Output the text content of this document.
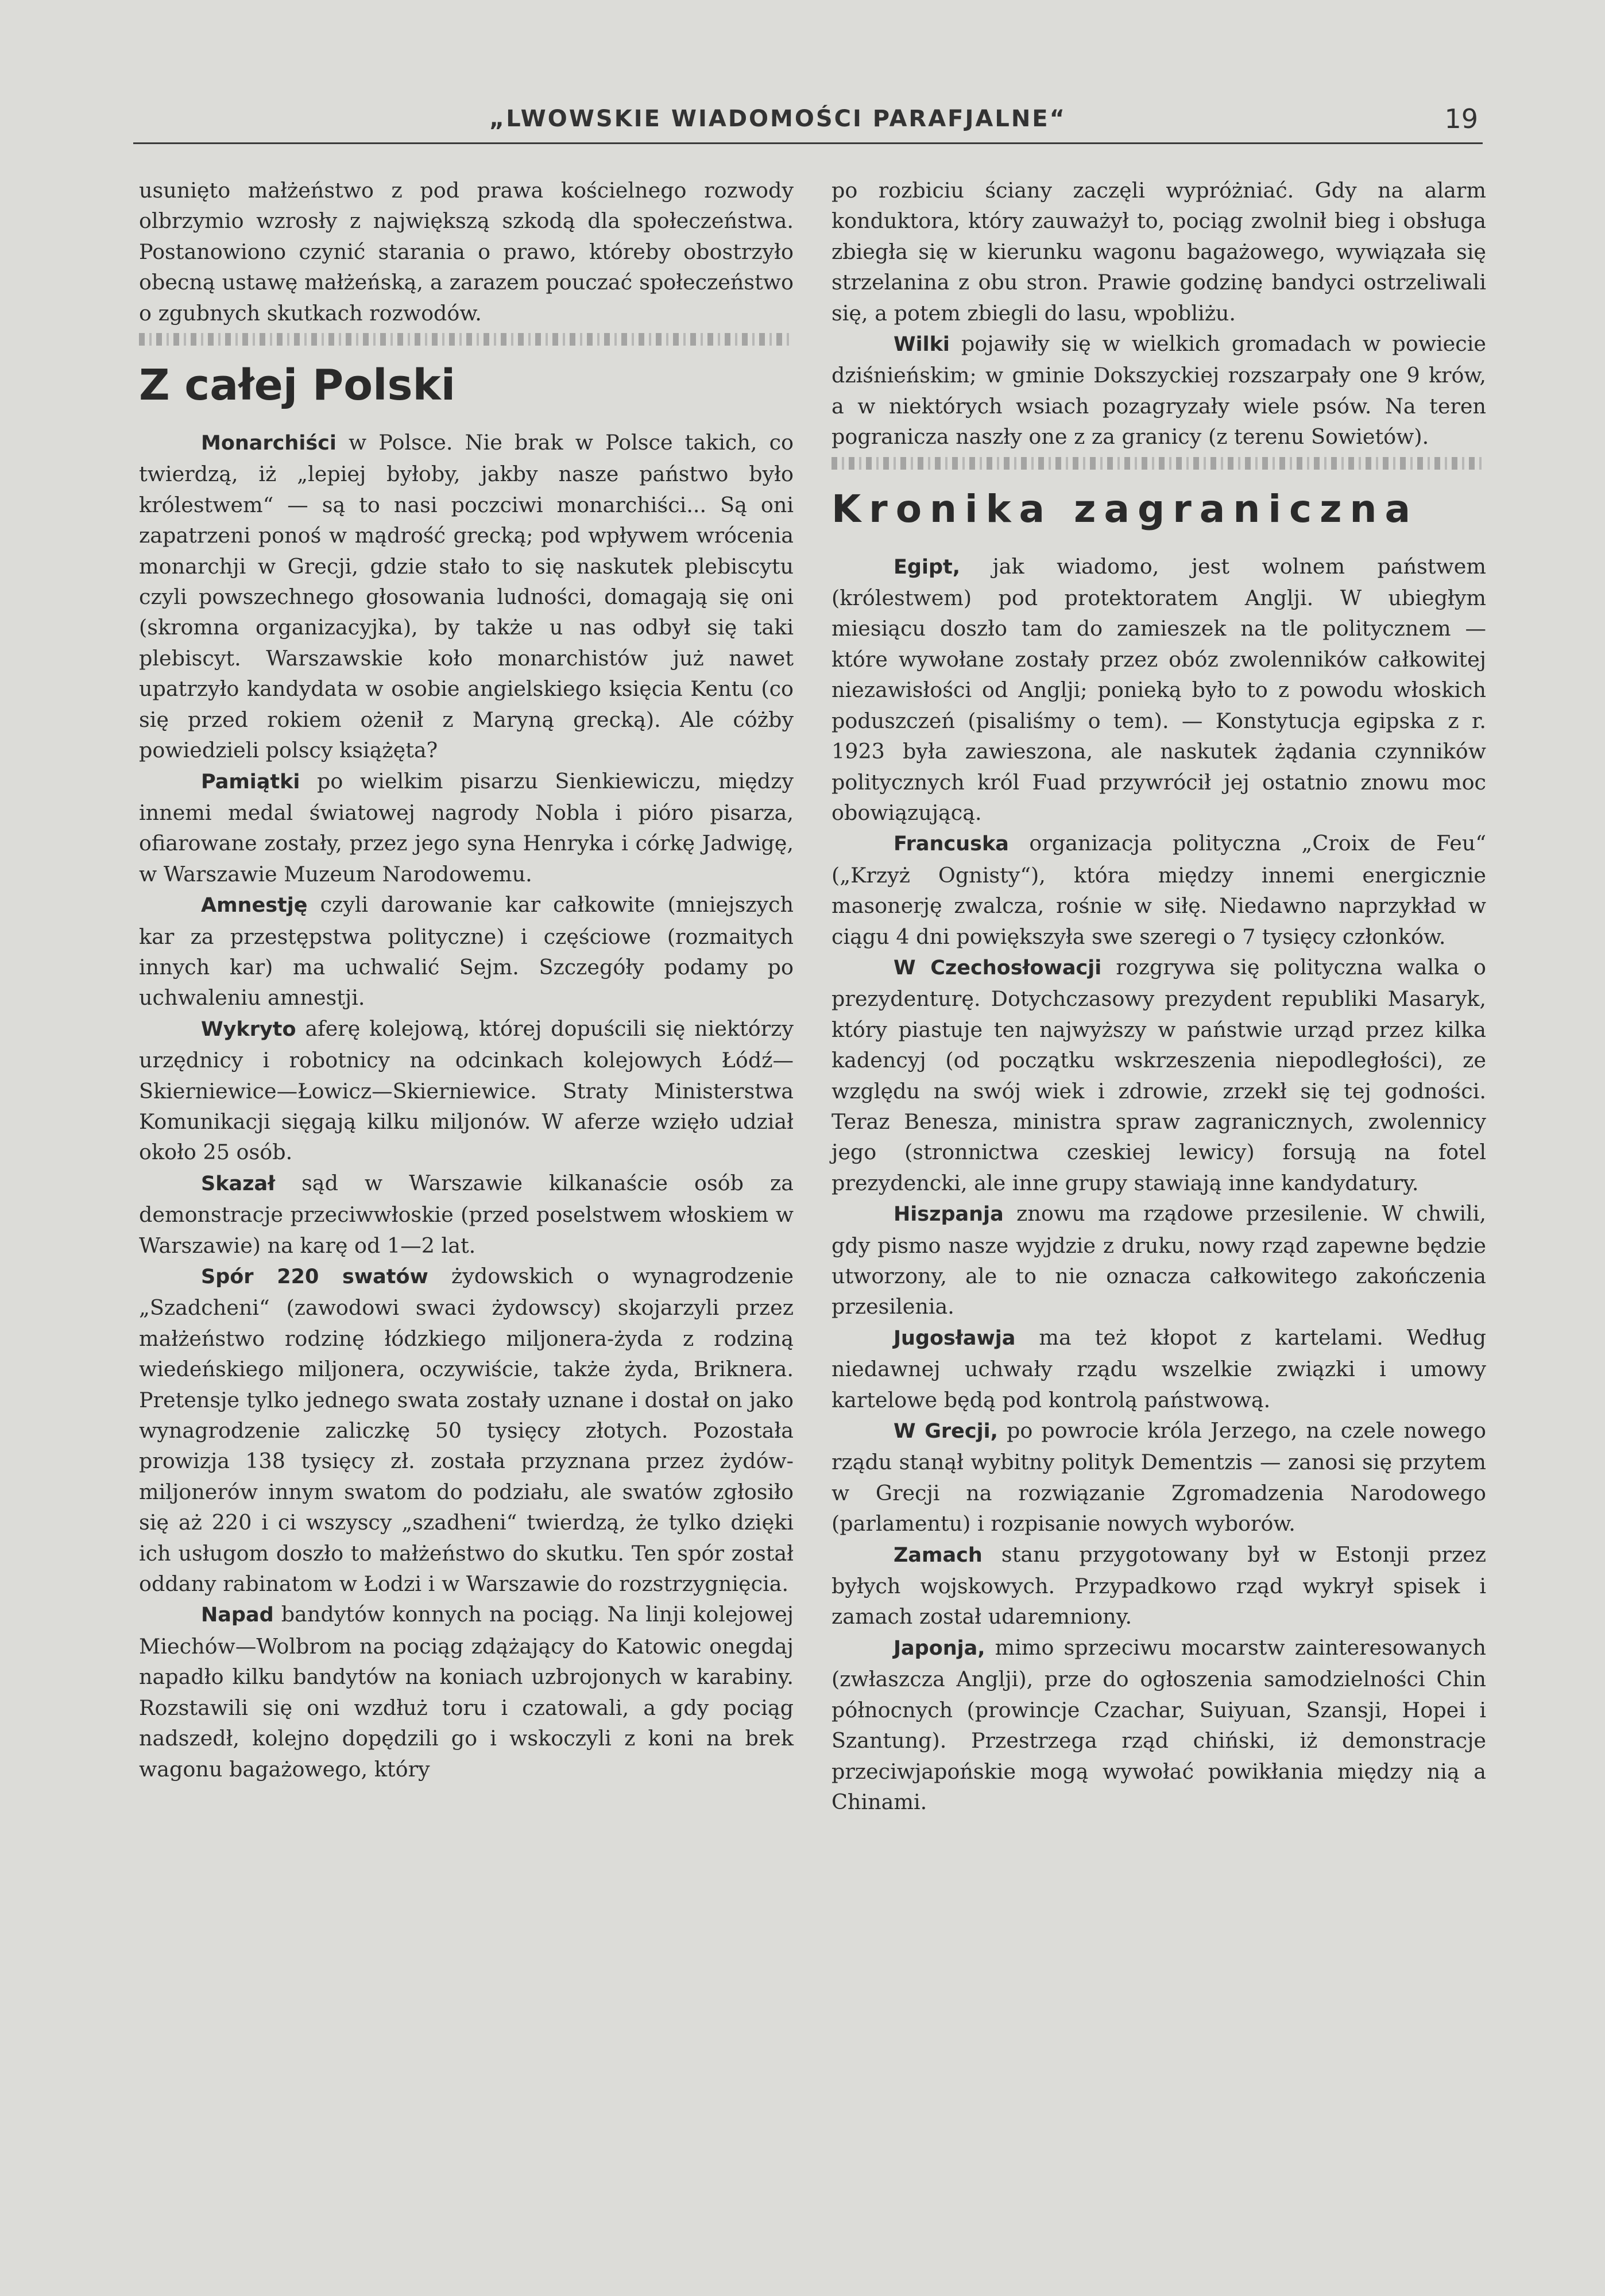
„LWOWSKIE WIADOMOŚCI PARAFJALNE“	19

usunięto małżeństwo z pod prawa kościelnego rozwody olbrzymio wzrosły z największą szkodą dla społeczeństwa. Postanowiono czynić starania o prawo, któreby obostrzyło obecną ustawę małżeńską, a zarazem pouczać społeczeństwo o zgubnych skutkach rozwodów.

Z całej Polski

Monarchiści w Polsce. Nie brak w Polsce takich, co twierdzą, iż „lepiej byłoby, jakby nasze państwo było królestwem“ — są to nasi poczciwi monarchiści... Są oni zapatrzeni ponoś w mądrość grecką; pod wpływem wrócenia monarchji w Grecji, gdzie stało to się naskutek plebiscytu czyli powszechnego głosowania ludności, domagają się oni (skromna organizacyjka), by także u nas odbył się taki plebiscyt. Warszawskie koło monarchistów już nawet upatrzyło kandydata w osobie angielskiego księcia Kentu (co się przed rokiem ożenił z Maryną grecką). Ale cóżby powiedzieli polscy książęta?

Pamiątki po wielkim pisarzu Sienkiewiczu, między innemi medal światowej nagrody Nobla i pióro pisarza, ofiarowane zostały, przez jego syna Henryka i córkę Jadwigę, w Warszawie Muzeum Narodowemu.

Amnestję czyli darowanie kar całkowite (mniejszych kar za przestępstwa polityczne) i częściowe (rozmaitych innych kar) ma uchwalić Sejm. Szczegóły podamy po uchwaleniu amnestji.

Wykryto aferę kolejową, której dopuścili się niektórzy urzędnicy i robotnicy na odcinkach kolejowych Łódź—Skierniewice—Łowicz—Skierniewice. Straty Ministerstwa Komunikacji sięgają kilku miljonów. W aferze wzięło udział około 25 osób.

Skazał sąd w Warszawie kilkanaście osób za demonstracje przeciwwłoskie (przed poselstwem włoskiem w Warszawie) na karę od 1—2 lat.

Spór 220 swatów żydowskich o wynagrodzenie „Szadcheni“ (zawodowi swaci żydowscy) skojarzyli przez małżeństwo rodzinę łódzkiego miljonera-żyda z rodziną wiedeńskiego miljonera, oczywiście, także żyda, Briknera. Pretensje tylko jednego swata zostały uznane i dostał on jako wynagrodzenie zaliczkę 50 tysięcy złotych. Pozostała prowizja 138 tysięcy zł. została przyznana przez żydów-miljonerów innym swatom do podziału, ale swatów zgłosiło się aż 220 i ci wszyscy „szadheni“ twierdzą, że tylko dzięki ich usługom doszło to małżeństwo do skutku. Ten spór został oddany rabinatom w Łodzi i w Warszawie do rozstrzygnięcia.

Napad bandytów konnych na pociąg. Na linji kolejowej Miechów—Wolbrom na pociąg zdążający do Katowic onegdaj napadło kilku bandytów na koniach uzbrojonych w karabiny. Rozstawili się oni wzdłuż toru i czatowali, a gdy pociąg nadszedł, kolejno dopędzili go i wskoczyli z koni na brek wagonu bagażowego, który

po rozbiciu ściany zaczęli wypróżniać. Gdy na alarm konduktora, który zauważył to, pociąg zwolnił bieg i obsługa zbiegła się w kierunku wagonu bagażowego, wywiązała się strzelanina z obu stron. Prawie godzinę bandyci ostrzeliwali się, a potem zbiegli do lasu, wpobliżu.

Wilki pojawiły się w wielkich gromadach w powiecie dziśnieńskim; w gminie Dokszyckiej rozszarpały one 9 krów, a w niektórych wsiach pozagryzały wiele psów. Na teren pogranicza naszły one z za granicy (z terenu Sowietów).

Kronika zagraniczna

Egipt, jak wiadomo, jest wolnem państwem (królestwem) pod protektoratem Anglji. W ubiegłym miesiącu doszło tam do zamieszek na tle politycznem — które wywołane zostały przez obóz zwolenników całkowitej niezawisłości od Anglji; ponieką było to z powodu włoskich poduszczeń (pisaliśmy o tem). — Konstytucja egipska z r. 1923 była zawieszona, ale naskutek żądania czynników politycznych król Fuad przywrócił jej ostatnio znowu moc obowiązującą.

Francuska organizacja polityczna „Croix de Feu“ („Krzyż Ognisty“), która między innemi energicznie masonerję zwalcza, rośnie w siłę. Niedawno naprzykład w ciągu 4 dni powiększyła swe szeregi o 7 tysięcy członków.

W Czechosłowacji rozgrywa się polityczna walka o prezydenturę. Dotychczasowy prezydent republiki Masaryk, który piastuje ten najwyższy w państwie urząd przez kilka kadencyj (od początku wskrzeszenia niepodległości), ze względu na swój wiek i zdrowie, zrzekł się tej godności. Teraz Benesza, ministra spraw zagranicznych, zwolennicy jego (stronnictwa czeskiej lewicy) forsują na fotel prezydencki, ale inne grupy stawiają inne kandydatury.

Hiszpanja znowu ma rządowe przesilenie. W chwili, gdy pismo nasze wyjdzie z druku, nowy rząd zapewne będzie utworzony, ale to nie oznacza całkowitego zakończenia przesilenia.

Jugosławja ma też kłopot z kartelami. Według niedawnej uchwały rządu wszelkie związki i umowy kartelowe będą pod kontrolą państwową.

W Grecji, po powrocie króla Jerzego, na czele nowego rządu stanął wybitny polityk Dementzis — zanosi się przytem w Grecji na rozwiązanie Zgromadzenia Narodowego (parlamentu) i rozpisanie nowych wyborów.

Zamach stanu przygotowany był w Estonji przez byłych wojskowych. Przypadkowo rząd wykrył spisek i zamach został udaremniony.

Japonja, mimo sprzeciwu mocarstw zainteresowanych (zwłaszcza Anglji), prze do ogłoszenia samodzielności Chin północnych (prowincje Czachar, Suiyuan, Szansji, Hopei i Szantung). Przestrzega rząd chiński, iż demonstracje przeciwjapońskie mogą wywołać powikłania między nią a Chinami.
